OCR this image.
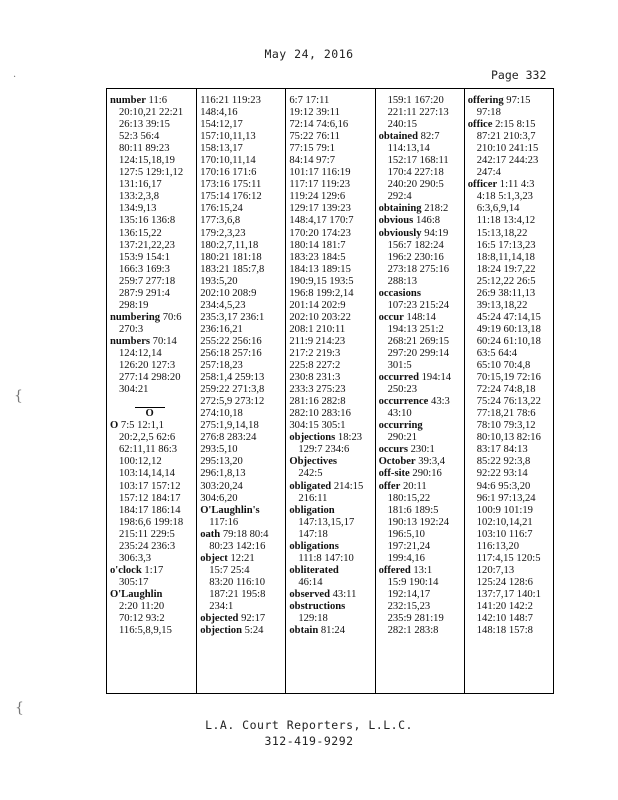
May 24, 2016
Page 332
·
{
{
number 11:6
20:10,21 22:21
26:13 39:15
52:3 56:4
80:11 89:23
124:15,18,19
127:5 129:1,12
131:16,17
133:2,3,8
134:9,13
135:16 136:8
136:15,22
137:21,22,23
153:9 154:1
166:3 169:3
259:7 277:18
287:9 291:4
298:19
numbering 70:6
270:3
numbers 70:14
124:12,14
126:20 127:3
277:14 298:20
304:21

O
O 7:5 12:1,1
20:2,2,5 62:6
62:11,11 86:3
100:12,12
103:14,14,14
103:17 157:12
157:12 184:17
184:17 186:14
198:6,6 199:18
215:11 229:5
235:24 236:3
306:3,3
o'clock 1:17
305:17
O'Laughlin
2:20 11:20
70:12 93:2
116:5,8,9,15
116:21 119:23
148:4,16
154:12,17
157:10,11,13
158:13,17
170:10,11,14
170:16 171:6
173:16 175:11
175:14 176:12
176:15,24
177:3,6,8
179:2,3,23
180:2,7,11,18
180:21 181:18
183:21 185:7,8
193:5,20
202:10 208:9
234:4,5,23
235:3,17 236:1
236:16,21
255:22 256:16
256:18 257:16
257:18,23
258:1,4 259:13
259:22 271:3,8
272:5,9 273:12
274:10,18
275:1,9,14,18
276:8 283:24
293:5,10
295:13,20
296:1,8,13
303:20,24
304:6,20
O'Laughlin's
117:16
oath 79:18 80:4
80:23 142:16
object 12:21
15:7 25:4
83:20 116:10
187:21 195:8
234:1
objected 92:17
objection 5:24
6:7 17:11
19:12 39:11
72:14 74:6,16
75:22 76:11
77:15 79:1
84:14 97:7
101:17 116:19
117:17 119:23
119:24 129:6
129:17 139:23
148:4,17 170:7
170:20 174:23
180:14 181:7
183:23 184:5
184:13 189:15
190:9,15 193:5
196:8 199:2,14
201:14 202:9
202:10 203:22
208:1 210:11
211:9 214:23
217:2 219:3
225:8 227:2
230:8 231:3
233:3 275:23
281:16 282:8
282:10 283:16
304:15 305:1
objections 18:23
129:7 234:6
Objectives
242:5
obligated 214:15
216:11
obligation
147:13,15,17
147:18
obligations
111:8 147:10
obliterated
46:14
observed 43:11
obstructions
129:18
obtain 81:24
159:1 167:20
221:11 227:13
240:15
obtained 82:7
114:13,14
152:17 168:11
170:4 227:18
240:20 290:5
292:4
obtaining 218:2
obvious 146:8
obviously 94:19
156:7 182:24
196:2 230:16
273:18 275:16
288:13
occasions
107:23 215:24
occur 148:14
194:13 251:2
268:21 269:15
297:20 299:14
301:5
occurred 194:14
250:23
occurrence 43:3
43:10
occurring
290:21
occurs 230:1
October 39:3,4
off-site 290:16
offer 20:11
180:15,22
181:6 189:5
190:13 192:24
196:5,10
197:21,24
199:4,16
offered 13:1
15:9 190:14
192:14,17
232:15,23
235:9 281:19
282:1 283:8
offering 97:15
97:18
office 2:15 8:15
87:21 210:3,7
210:10 241:15
242:17 244:23
247:4
officer 1:11 4:3
4:18 5:1,3,23
6:3,6,9,14
11:18 13:4,12
15:13,18,22
16:5 17:13,23
18:8,11,14,18
18:24 19:7,22
25:12,22 26:5
26:9 38:11,13
39:13,18,22
45:24 47:14,15
49:19 60:13,18
60:24 61:10,18
63:5 64:4
65:10 70:4,8
70:15,19 72:16
72:24 74:8,18
75:24 76:13,22
77:18,21 78:6
78:10 79:3,12
80:10,13 82:16
83:17 84:13
85:22 92:3,8
92:22 93:14
94:6 95:3,20
96:1 97:13,24
100:9 101:19
102:10,14,21
103:10 116:7
116:13,20
117:4,15 120:5
120:7,13
125:24 128:6
137:7,17 140:1
141:20 142:2
142:10 148:7
148:18 157:8
L.A. Court Reporters, L.L.C.
312-419-9292
